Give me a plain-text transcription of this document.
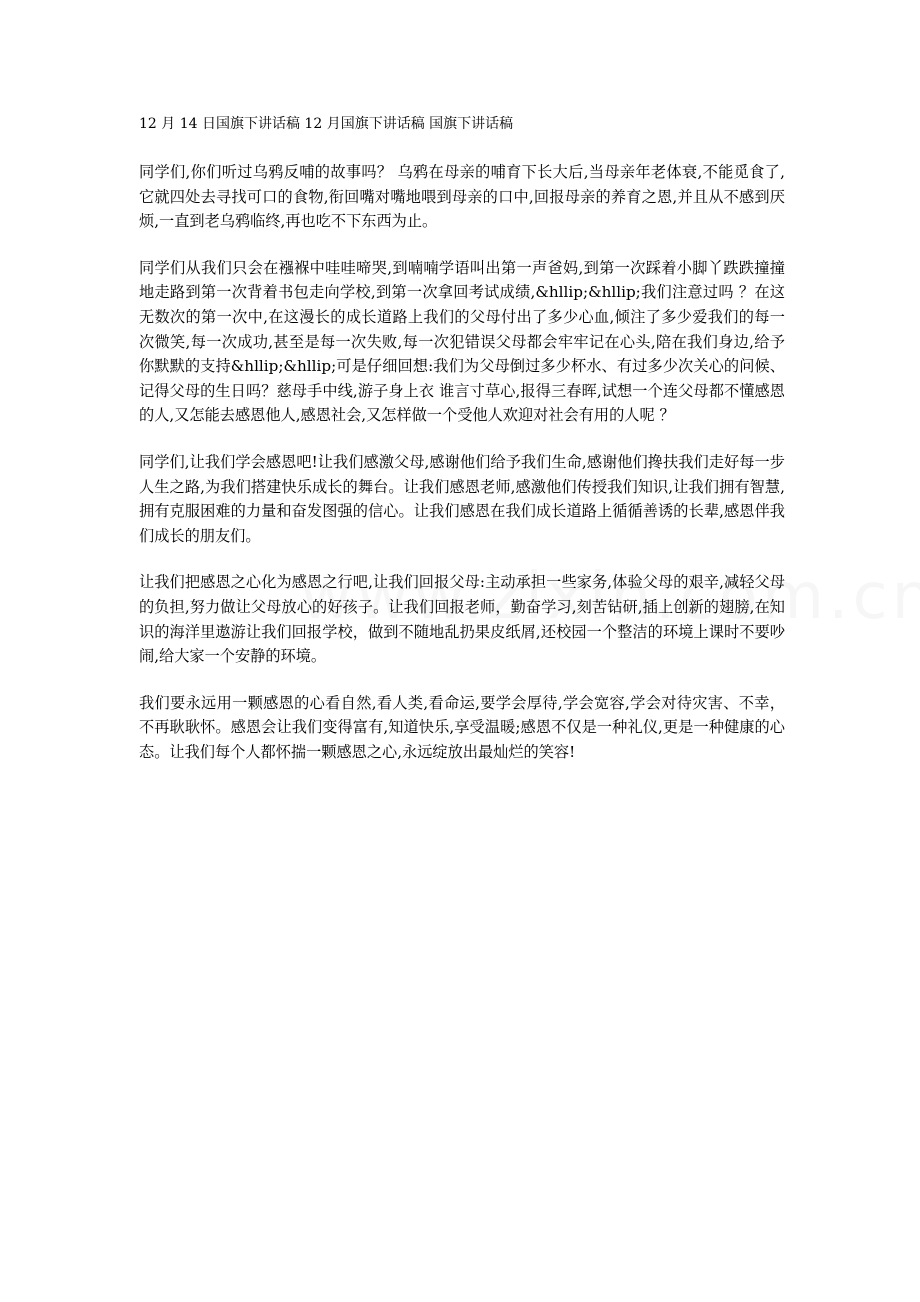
12 月 14 日国旗下讲话稿 12 月国旗下讲话稿 国旗下讲话稿

同学们,你们听过乌鸦反哺的故事吗？ 乌鸦在母亲的哺育下长大后,当母亲年老体衰,不能觅食了,它就四处去寻找可口的食物,衔回嘴对嘴地喂到母亲的口中,回报母亲的养育之恩,并且从不感到厌烦,一直到老乌鸦临终,再也吃不下东西为止。

同学们从我们只会在襁褓中哇哇啼哭,到喃喃学语叫出第一声爸妈,到第一次踩着小脚丫跌跌撞撞地走路到第一次背着书包走向学校,到第一次拿回考试成绩,&hllip;&hllip;我们注意过吗 ？在这无数次的第一次中,在这漫长的成长道路上我们的父母付出了多少心血,倾注了多少爱我们的每一次微笑,每一次成功,甚至是每一次失败,每一次犯错误父母都会牢牢记在心头,陪在我们身边,给予你默默的支持&hllip;&hllip;可是仔细回想:我们为父母倒过多少杯水、有过多少次关心的问候、记得父母的生日吗？慈母手中线,游子身上衣 谁言寸草心,报得三春晖,试想一个连父母都不懂感恩的人,又怎能去感恩他人,感恩社会,又怎样做一个受他人欢迎对社会有用的人呢 ？

同学们,让我们学会感恩吧!让我们感激父母,感谢他们给予我们生命,感谢他们搀扶我们走好每一步人生之路,为我们搭建快乐成长的舞台。让我们感恩老师,感激他们传授我们知识,让我们拥有智慧,拥有克服困难的力量和奋发图强的信心。让我们感恩在我们成长道路上循循善诱的长辈,感恩伴我们成长的朋友们。

让我们把感恩之心化为感恩之行吧,让我们回报父母:主动承担一些家务,体验父母的艰辛,减轻父母的负担,努力做让父母放心的好孩子。让我们回报老师，勤奋学习,刻苦钻研,插上创新的翅膀,在知识的海洋里遨游让我们回报学校，做到不随地乱扔果皮纸屑,还校园一个整洁的环境上课时不要吵闹,给大家一个安静的环境。

我们要永远用一颗感恩的心看自然,看人类,看命运,要学会厚待,学会宽容,学会对待灾害、不幸，不再耿耿怀。感恩会让我们变得富有,知道快乐,享受温暖;感恩不仅是一种礼仪,更是一种健康的心态。让我们每个人都怀揣一颗感恩之心,永远绽放出最灿烂的笑容!
